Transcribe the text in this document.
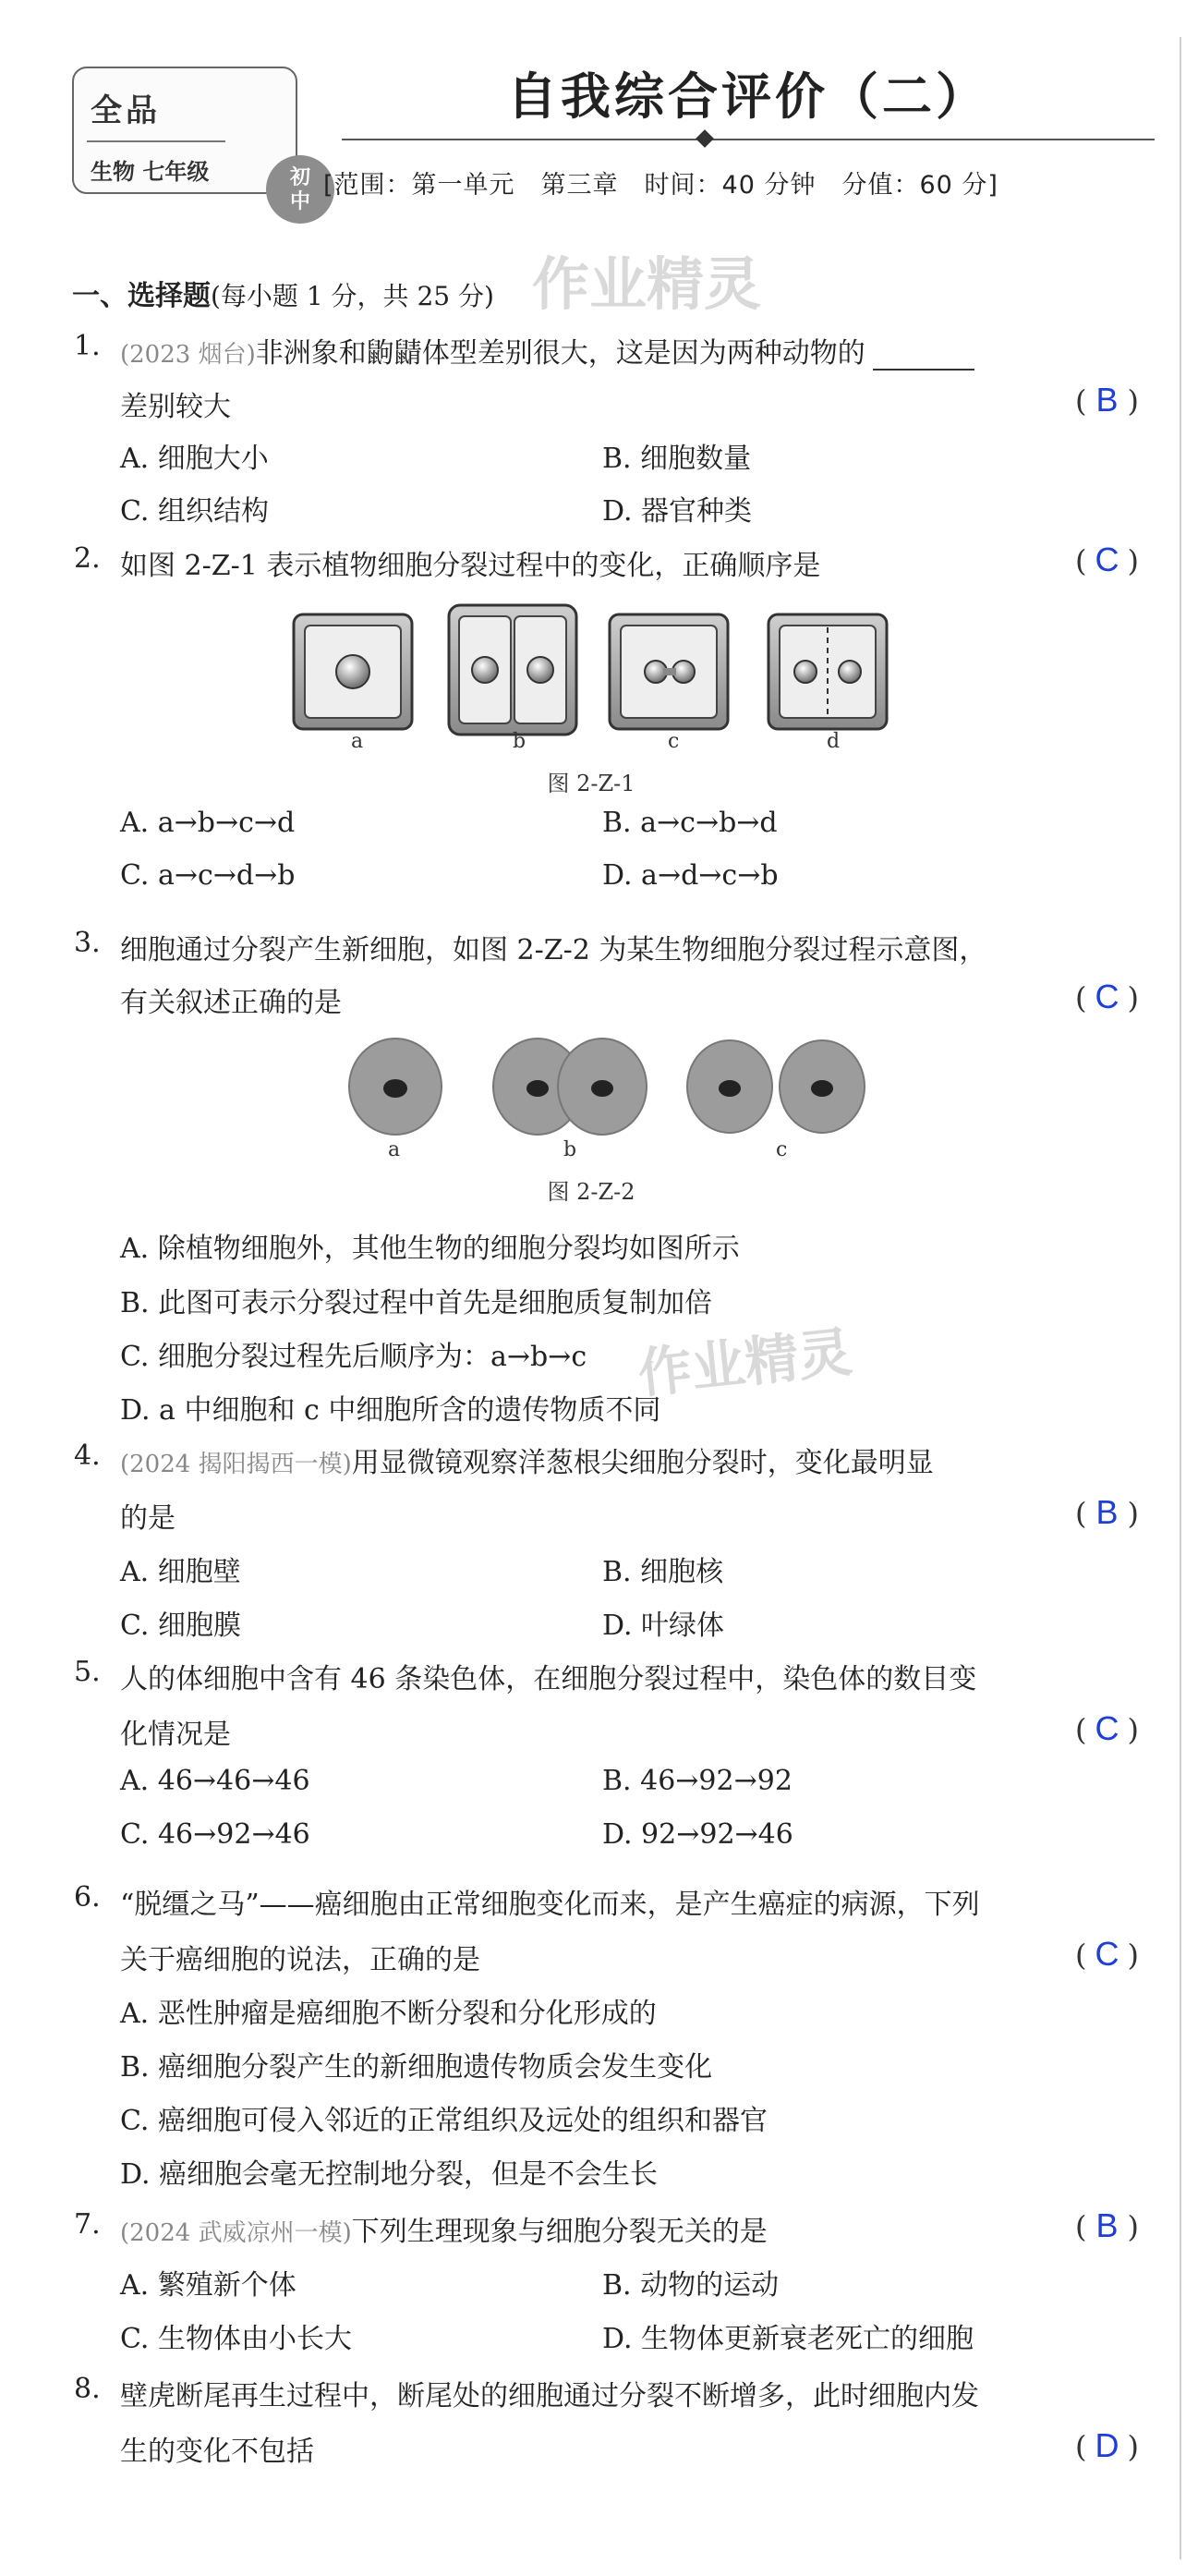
全品
生物 七年级	初
中
自我综合评价（二）
[范围：第一单元　第三章　时间：40 分钟　分值：60 分]
作业精灵
作业精灵
一、选择题(每小题 1 分，共 25 分)
1. (2023 烟台)非洲象和鼩鼱体型差别很大，这是因为两种动物的
差别较大	( B )
A. 细胞大小	B. 细胞数量
C. 组织结构	D. 器官种类
2. 如图 2-Z-1 表示植物细胞分裂过程中的变化，正确顺序是	( C )
a	b	c	d
图 2-Z-1
A. a→b→c→d	B. a→c→b→d
C. a→c→d→b	D. a→d→c→b
3. 细胞通过分裂产生新细胞，如图 2-Z-2 为某生物细胞分裂过程示意图，
有关叙述正确的是	( C )
a	b	c
图 2-Z-2
A. 除植物细胞外，其他生物的细胞分裂均如图所示
B. 此图可表示分裂过程中首先是细胞质复制加倍
C. 细胞分裂过程先后顺序为：a→b→c
D. a 中细胞和 c 中细胞所含的遗传物质不同
4. (2024 揭阳揭西一模)用显微镜观察洋葱根尖细胞分裂时，变化最明显
的是	( B )
A. 细胞壁	B. 细胞核
C. 细胞膜	D. 叶绿体
5. 人的体细胞中含有 46 条染色体，在细胞分裂过程中，染色体的数目变
化情况是	( C )
A. 46→46→46	B. 46→92→92
C. 46→92→46	D. 92→92→46
6. “脱缰之马”——癌细胞由正常细胞变化而来，是产生癌症的病源，下列
关于癌细胞的说法，正确的是	( C )
A. 恶性肿瘤是癌细胞不断分裂和分化形成的
B. 癌细胞分裂产生的新细胞遗传物质会发生变化
C. 癌细胞可侵入邻近的正常组织及远处的组织和器官
D. 癌细胞会毫无控制地分裂，但是不会生长
7. (2024 武威凉州一模)下列生理现象与细胞分裂无关的是	( B )
A. 繁殖新个体	B. 动物的运动
C. 生物体由小长大	D. 生物体更新衰老死亡的细胞
8. 壁虎断尾再生过程中，断尾处的细胞通过分裂不断增多，此时细胞内发
生的变化不包括	( D )
